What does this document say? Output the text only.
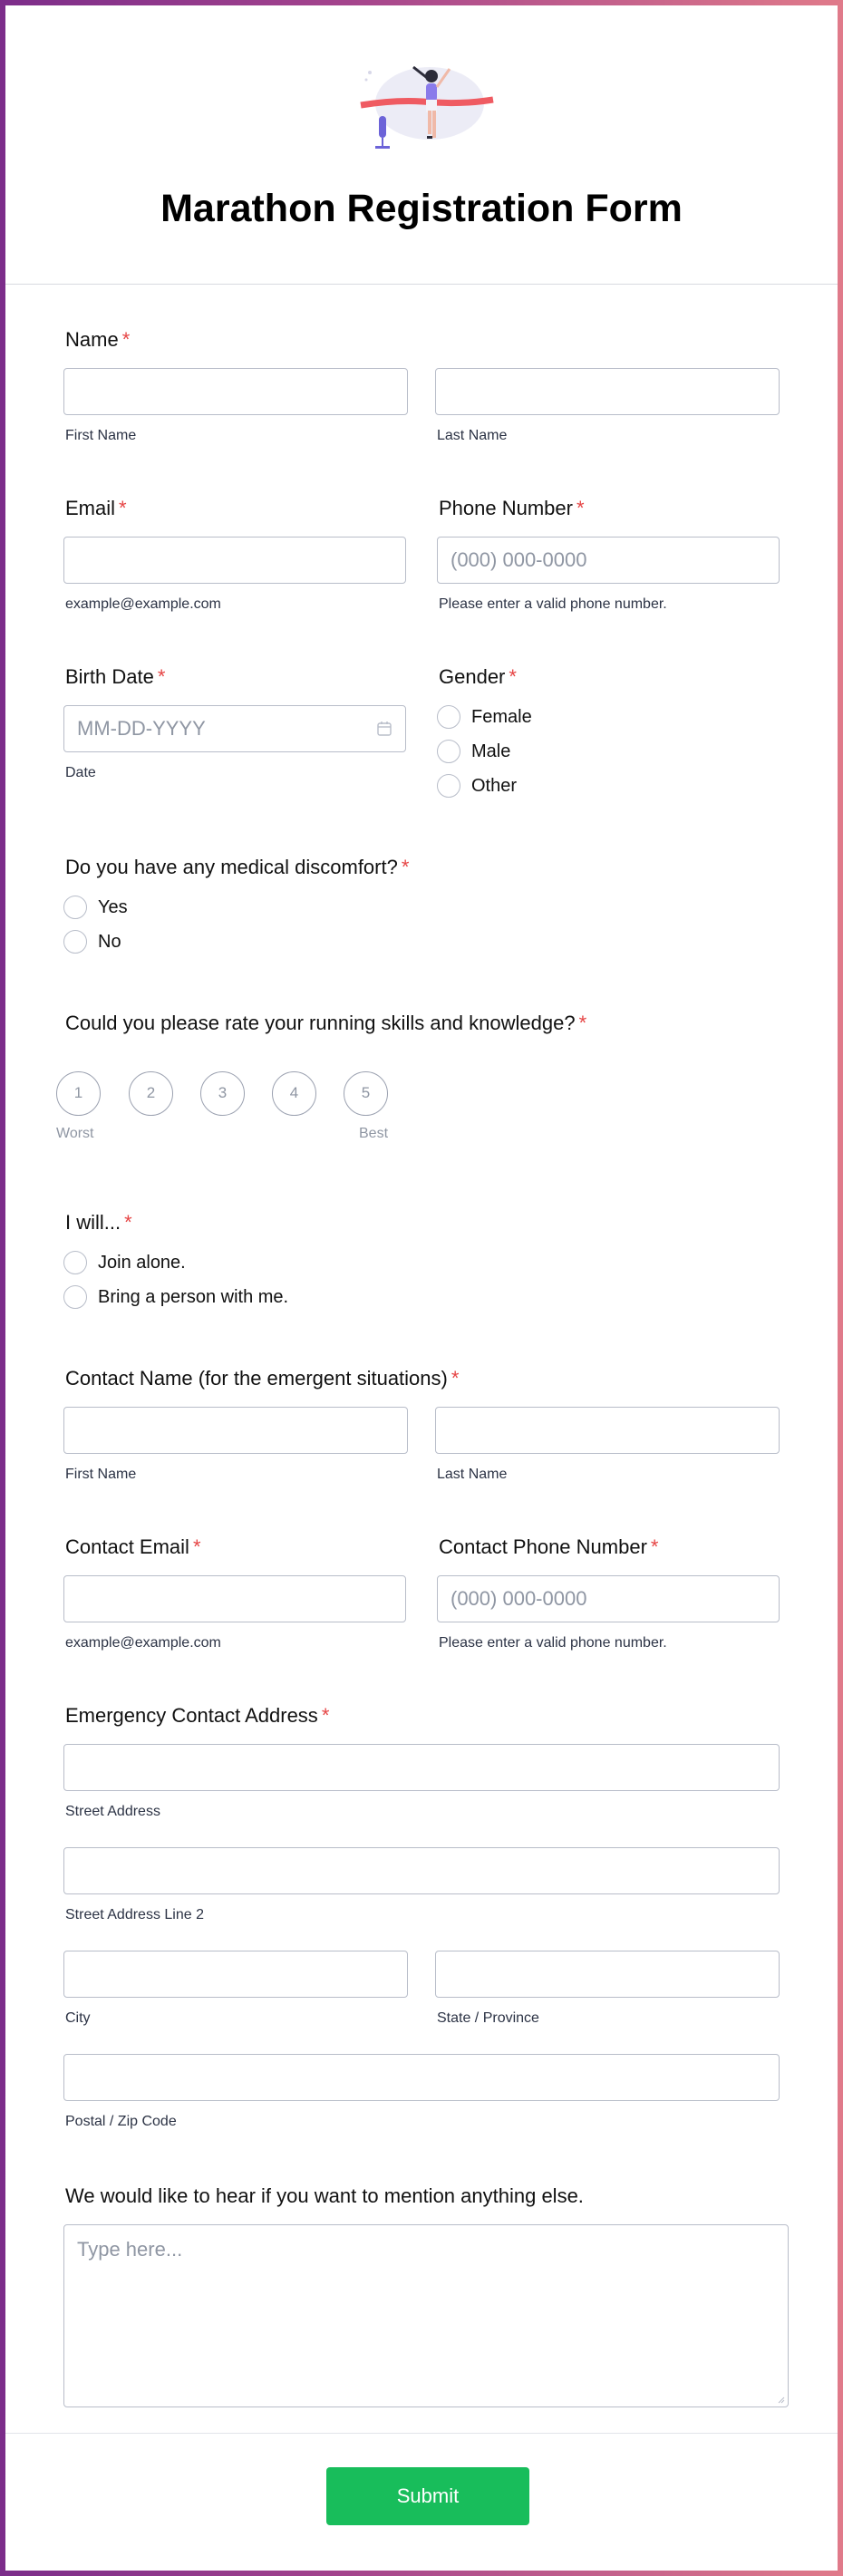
Marathon Registration Form
Name *
First Name	Last Name
Email *
example@example.com
Phone Number *
(000) 000-0000
Please enter a valid phone number.
Birth Date *
MM-DD-YYYY
Date
Gender *
Female
Male
Other
Do you have any medical discomfort? *
Yes
No
Could you please rate your running skills and knowledge? *
1	2	3	4	5
Worst	Best
I will... *
Join alone.
Bring a person with me.
Contact Name (for the emergent situations) *
First Name	Last Name
Contact Email *
example@example.com
Contact Phone Number *
(000) 000-0000
Please enter a valid phone number.
Emergency Contact Address *
Street Address
Street Address Line 2
City	State / Province
Postal / Zip Code
We would like to hear if you want to mention anything else.
Type here...
Submit
